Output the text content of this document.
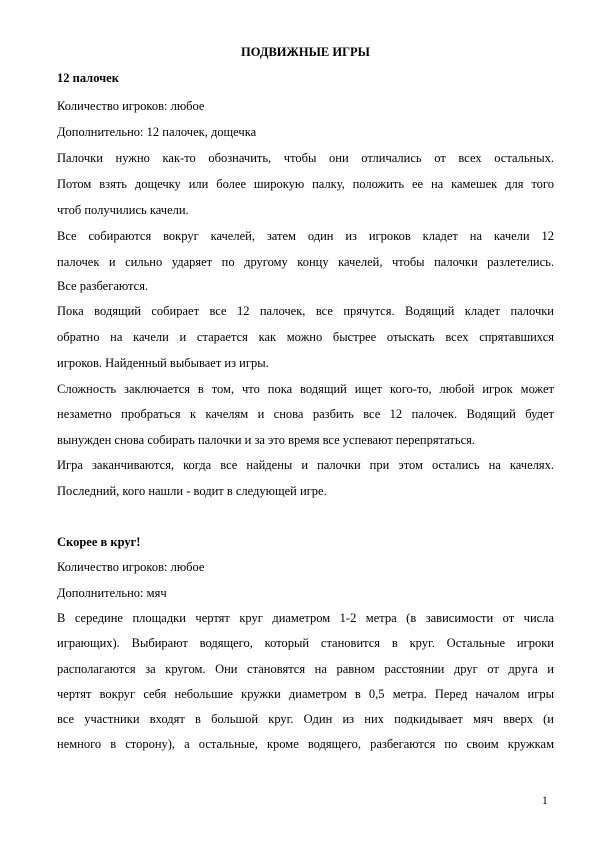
ПОДВИЖНЫЕ ИГРЫ

12 палочек

Количество игроков: любое

Дополнительно: 12 палочек, дощечка

Палочки нужно как-то обозначить, чтобы они отличались от всех остальных.

Потом взять дощечку или более широкую палку, положить ее на камешек для того

чтоб получились качели.

Все собираются вокруг качелей, затем один из игроков кладет на качели 12

палочек и сильно ударяет по другому концу качелей, чтобы палочки разлетелись.

Все разбегаются.

Пока водящий собирает все 12 палочек, все прячутся. Водящий кладет палочки

обратно на качели и старается как можно быстрее отыскать всех спрятавшихся

игроков. Найденный выбывает из игры.

Сложность заключается в том, что пока водящий ищет кого-то, любой игрок может

незаметно пробраться к качелям и снова разбить все 12 палочек. Водящий будет

вынужден снова собирать палочки и за это время все успевают перепрятаться.

Игра заканчиваются, когда все найдены и палочки при этом остались на качелях.

Последний, кого нашли - водит в следующей игре.

Скорее в круг!

Количество игроков: любое

Дополнительно: мяч

В середине площадки чертят круг диаметром 1-2 метра (в зависимости от числа

играющих). Выбирают водящего, который становится в круг. Остальные игроки

располагаются за кругом. Они становятся на равном расстоянии друг от друга и

чертят вокруг себя небольшие кружки диаметром в 0,5 метра. Перед началом игры

все участники входят в большой круг. Один из них подкидывает мяч вверх (и

немного в сторону), а остальные, кроме водящего, разбегаются по своим кружкам

1
